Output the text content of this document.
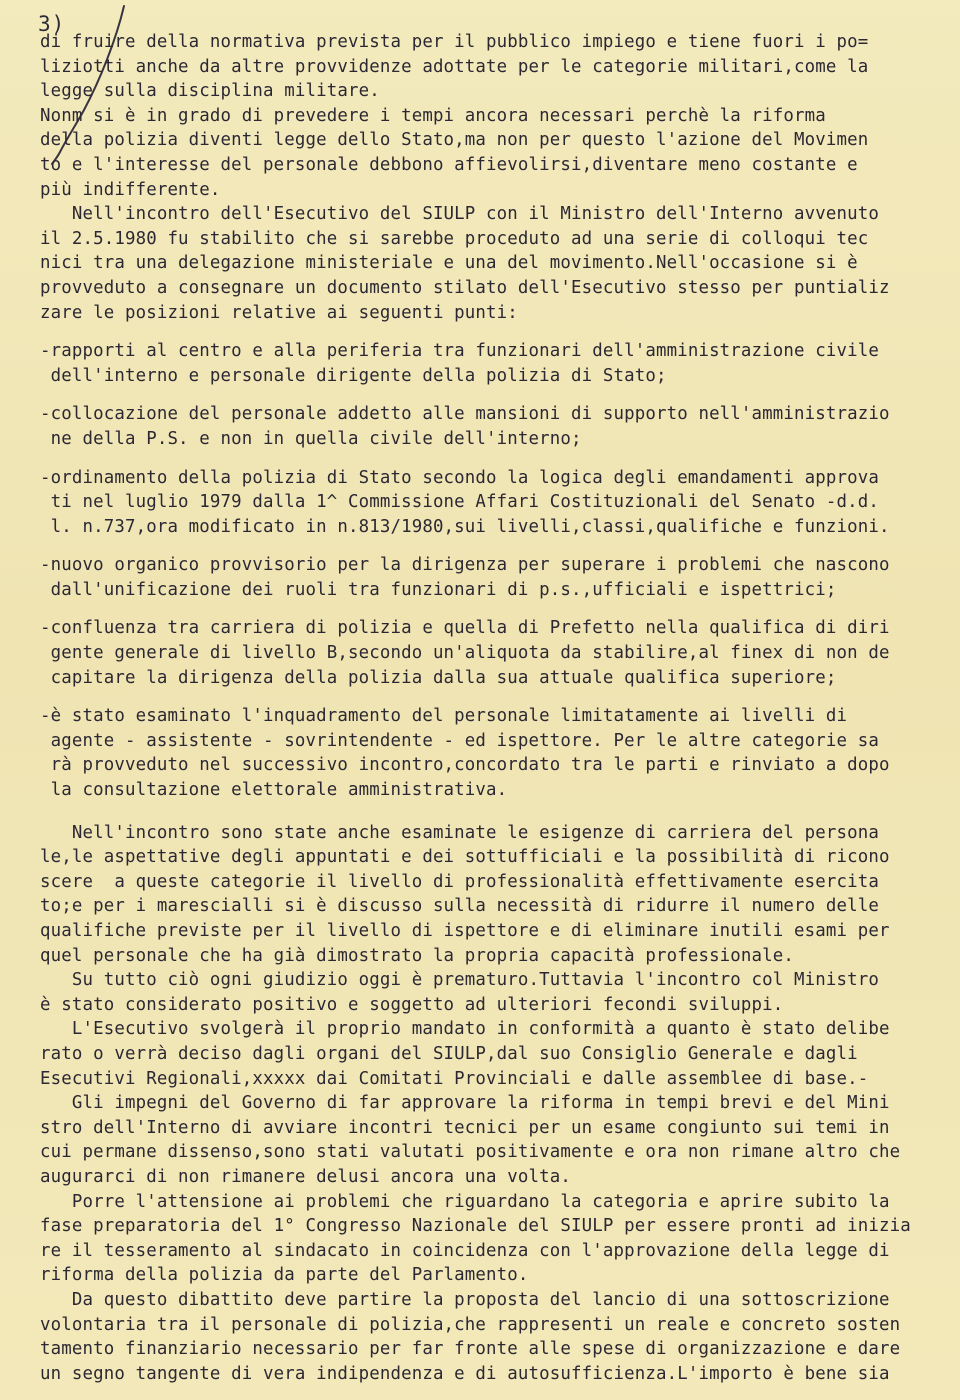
3)
di fruire della normativa prevista per il pubblico impiego e tiene fuori i po=
liziotti anche da altre provvidenze adottate per le categorie militari,come la
legge sulla disciplina militare.
Nonm si è in grado di prevedere i tempi ancora necessari perchè la riforma
della polizia diventi legge dello Stato,ma non per questo l'azione del Movimen
to e l'interesse del personale debbono affievolirsi,diventare meno costante e
più indifferente.
Nell'incontro dell'Esecutivo del SIULP con il Ministro dell'Interno avvenuto
il 2.5.1980 fu stabilito che si sarebbe proceduto ad una serie di colloqui tec
nici tra una delegazione ministeriale e una del movimento.Nell'occasione si è
provveduto a consegnare un documento stilato dell'Esecutivo stesso per puntializ
zare le posizioni relative ai seguenti punti:
-rapporti al centro e alla periferia tra funzionari dell'amministrazione civile
dell'interno e personale dirigente della polizia di Stato;
-collocazione del personale addetto alle mansioni di supporto nell'amministrazio
ne della P.S. e non in quella civile dell'interno;
-ordinamento della polizia di Stato secondo la logica degli emandamenti approva
ti nel luglio 1979 dalla 1^ Commissione Affari Costituzionali del Senato -d.d.
l. n.737,ora modificato in n.813/1980,sui livelli,classi,qualifiche e funzioni.
-nuovo organico provvisorio per la dirigenza per superare i problemi che nascono
dall'unificazione dei ruoli tra funzionari di p.s.,ufficiali e ispettrici;
-confluenza tra carriera di polizia e quella di Prefetto nella qualifica di diri
gente generale di livello B,secondo un'aliquota da stabilire,al finex di non de
capitare la dirigenza della polizia dalla sua attuale qualifica superiore;
-è stato esaminato l'inquadramento del personale limitatamente ai livelli di
agente - assistente - sovrintendente - ed ispettore. Per le altre categorie sa
rà provveduto nel successivo incontro,concordato tra le parti e rinviato a dopo
la consultazione elettorale amministrativa.
Nell'incontro sono state anche esaminate le esigenze di carriera del persona
le,le aspettative degli appuntati e dei sottufficiali e la possibilità di ricono
scere  a queste categorie il livello di professionalità effettivamente esercita
to;e per i marescialli si è discusso sulla necessità di ridurre il numero delle
qualifiche previste per il livello di ispettore e di eliminare inutili esami per
quel personale che ha già dimostrato la propria capacità professionale.
Su tutto ciò ogni giudizio oggi è prematuro.Tuttavia l'incontro col Ministro
è stato considerato positivo e soggetto ad ulteriori fecondi sviluppi.
L'Esecutivo svolgerà il proprio mandato in conformità a quanto è stato delibe
rato o verrà deciso dagli organi del SIULP,dal suo Consiglio Generale e dagli
Esecutivi Regionali,xxxxx dai Comitati Provinciali e dalle assemblee di base.-
Gli impegni del Governo di far approvare la riforma in tempi brevi e del Mini
stro dell'Interno di avviare incontri tecnici per un esame congiunto sui temi in
cui permane dissenso,sono stati valutati positivamente e ora non rimane altro che
augurarci di non rimanere delusi ancora una volta.
Porre l'attensione ai problemi che riguardano la categoria e aprire subito la
fase preparatoria del 1° Congresso Nazionale del SIULP per essere pronti ad inizia
re il tesseramento al sindacato in coincidenza con l'approvazione della legge di
riforma della polizia da parte del Parlamento.
Da questo dibattito deve partire la proposta del lancio di una sottoscrizione
volontaria tra il personale di polizia,che rappresenti un reale e concreto sosten
tamento finanziario necessario per far fronte alle spese di organizzazione e dare
un segno tangente di vera indipendenza e di autosufficienza.L'importo è bene sia
